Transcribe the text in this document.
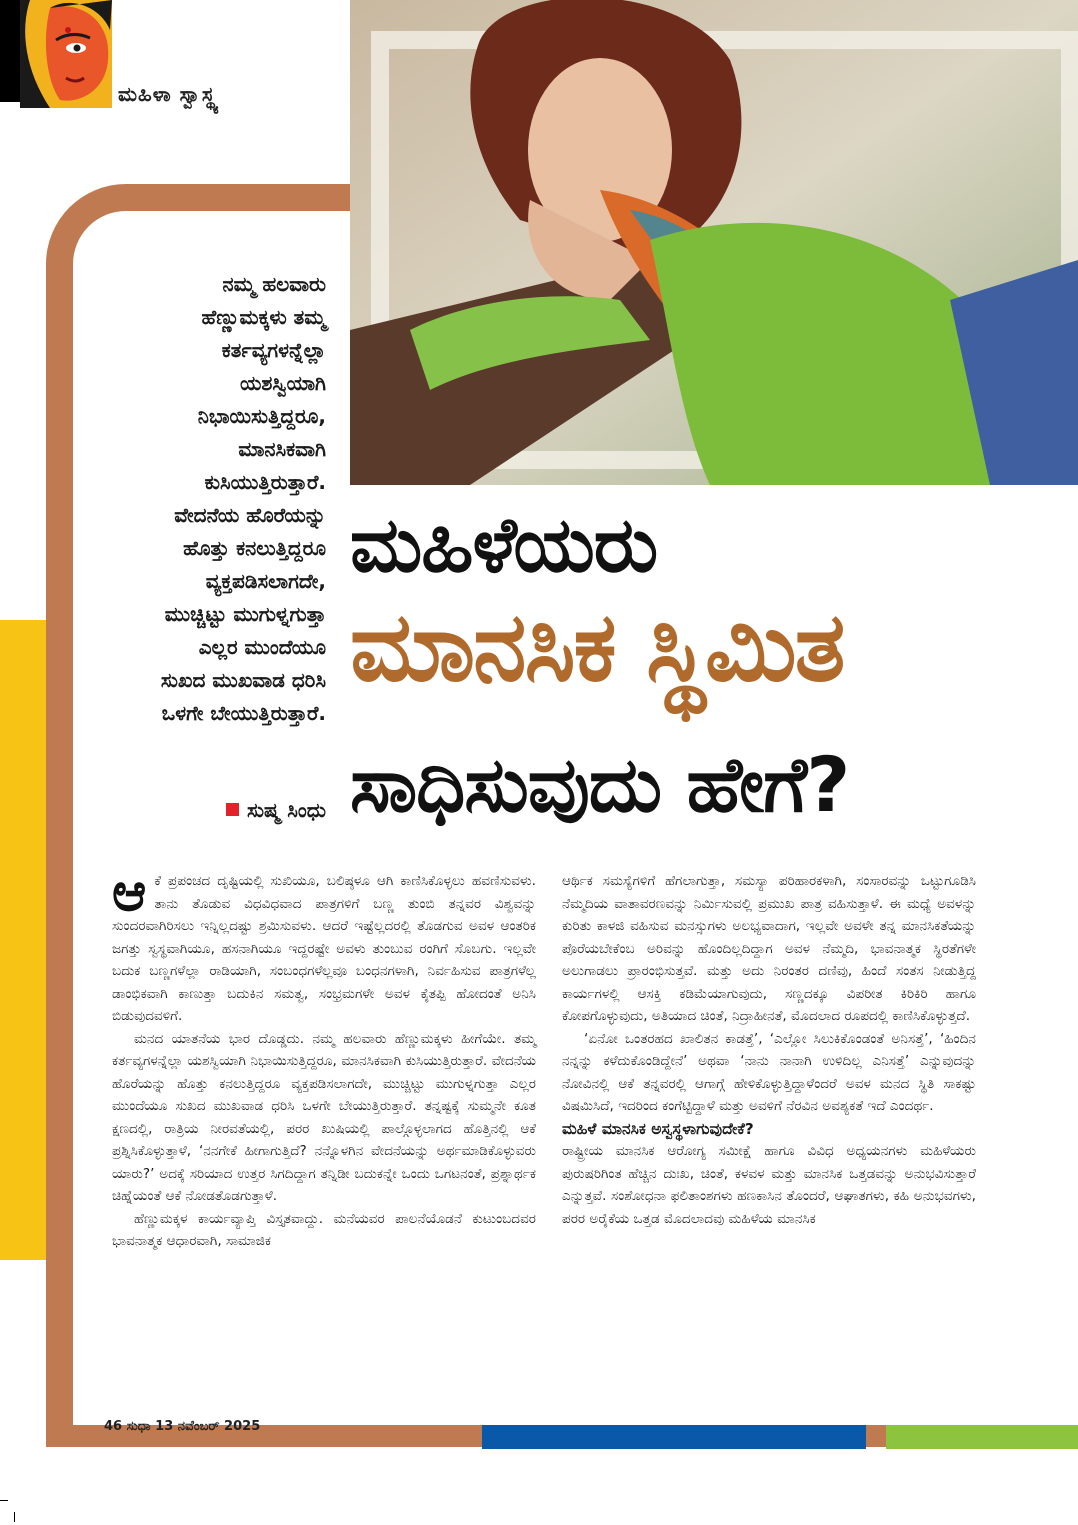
ಮಹಿಳಾ ಸ್ವಾಸ್ಥ್ಯ
ನಮ್ಮ ಹಲವಾರು
ಹೆಣ್ಣುಮಕ್ಕಳು ತಮ್ಮ
ಕರ್ತವ್ಯಗಳನ್ನೆಲ್ಲಾ
ಯಶಸ್ವಿಯಾಗಿ
ನಿಭಾಯಿಸುತ್ತಿದ್ದರೂ,
ಮಾನಸಿಕವಾಗಿ
ಕುಸಿಯುತ್ತಿರುತ್ತಾರೆ.
ವೇದನೆಯ ಹೊರೆಯನ್ನು
ಹೊತ್ತು ಕನಲುತ್ತಿದ್ದರೂ
ವ್ಯಕ್ತಪಡಿಸಲಾಗದೇ,
ಮುಚ್ಚಿಟ್ಟು ಮುಗುಳ್ನಗುತ್ತಾ
ಎಲ್ಲರ ಮುಂದೆಯೂ
ಸುಖದ ಮುಖವಾಡ ಧರಿಸಿ
ಒಳಗೇ ಬೇಯುತ್ತಿರುತ್ತಾರೆ.
ಸುಷ್ಮ ಸಿಂಧು
ಮಹಿಳೆಯರು
ಮಾನಸಿಕ ಸ್ಥಿಮಿತ
ಸಾಧಿಸುವುದು ಹೇಗೆ?

ಆಕೆ ಪ್ರಪಂಚದ ದೃಷ್ಟಿಯಲ್ಲಿ ಸುಖಿಯೂ, ಬಲಿಷ್ಠಳೂ ಆಗಿ ಕಾಣಿಸಿಕೊಳ್ಳಲು ಹವಣಿಸುವಳು. ತಾನು ತೊಡುವ ವಿಧವಿಧವಾದ ಪಾತ್ರಗಳಿಗೆ ಬಣ್ಣ ತುಂಬಿ ತನ್ನವರ ವಿಶ್ವವನ್ನು ಸುಂದರವಾಗಿರಿಸಲು ಇನ್ನಿಲ್ಲದಷ್ಟು ಶ್ರಮಿಸುವಳು. ಆದರೆ ಇಷ್ಟೆಲ್ಲದರಲ್ಲಿ ತೊಡಗುವ ಅವಳ ಆಂತರಿಕ ಜಗತ್ತು ಸ್ವಸ್ಥವಾಗಿಯೂ, ಹಸನಾಗಿಯೂ ಇದ್ದರಷ್ಟೇ ಅವಳು ತುಂಬುವ ರಂಗಿಗೆ ಸೊಬಗು. ಇಲ್ಲವೇ ಬದುಕ ಬಣ್ಣಗಳೆಲ್ಲಾ ರಾಡಿಯಾಗಿ, ಸಂಬಂಧಗಳೆಲ್ಲವೂ ಬಂಧನಗಳಾಗಿ, ನಿರ್ವಹಿಸುವ ಪಾತ್ರಗಳೆಲ್ಲ ಡಾಂಭಿಕವಾಗಿ ಕಾಣುತ್ತಾ ಬದುಕಿನ ಸಮತ್ವ, ಸಂಭ್ರಮಗಳೇ ಅವಳ ಕೈತಪ್ಪಿ ಹೋದಂತೆ ಅನಿಸಿ ಬಿಡುವುದವಳಿಗೆ.

ಮನದ ಯಾತನೆಯ ಭಾರ ದೊಡ್ಡದು. ನಮ್ಮ ಹಲವಾರು ಹೆಣ್ಣುಮಕ್ಕಳು ಹೀಗೆಯೇ. ತಮ್ಮ ಕರ್ತವ್ಯಗಳನ್ನೆಲ್ಲಾ ಯಶಸ್ವಿಯಾಗಿ ನಿಭಾಯಿಸುತ್ತಿದ್ದರೂ, ಮಾನಸಿಕವಾಗಿ ಕುಸಿಯುತ್ತಿರುತ್ತಾರೆ. ವೇದನೆಯ ಹೊರೆಯನ್ನು ಹೊತ್ತು ಕನಲುತ್ತಿದ್ದರೂ ವ್ಯಕ್ತಪಡಿಸಲಾಗದೇ, ಮುಚ್ಚಿಟ್ಟು ಮುಗುಳ್ನಗುತ್ತಾ ಎಲ್ಲರ ಮುಂದೆಯೂ ಸುಖದ ಮುಖವಾಡ ಧರಿಸಿ ಒಳಗೇ ಬೇಯುತ್ತಿರುತ್ತಾರೆ. ತನ್ನಷ್ಟಕ್ಕೆ ಸುಮ್ಮನೇ ಕೂತ ಕ್ಷಣದಲ್ಲಿ, ರಾತ್ರಿಯ ನೀರವತೆಯಲ್ಲಿ, ಪರರ ಖುಷಿಯಲ್ಲಿ ಪಾಲ್ಗೊಳ್ಳಲಾಗದ ಹೊತ್ತಿನಲ್ಲಿ ಆಕೆ ಪ್ರಶ್ನಿಸಿಕೊಳ್ಳುತ್ತಾಳೆ, ‘ನನಗೇಕೆ ಹೀಗಾಗುತ್ತಿದೆ? ನನ್ನೊಳಗಿನ ವೇದನೆಯನ್ನು ಅರ್ಥಮಾಡಿಕೊಳ್ಳುವರು ಯಾರು?’ ಅದಕ್ಕೆ ಸರಿಯಾದ ಉತ್ತರ ಸಿಗದಿದ್ದಾಗ ತನ್ನಿಡೀ ಬದುಕನ್ನೇ ಒಂದು ಒಗಟನಂತೆ, ಪ್ರಶ್ನಾರ್ಥಕ ಚಿಹ್ನೆಯಂತೆ ಆಕೆ ನೋಡತೊಡಗುತ್ತಾಳೆ.

ಹೆಣ್ಣುಮಕ್ಕಳ ಕಾರ್ಯವ್ಯಾಪ್ತಿ ವಿಸ್ತೃತವಾದ್ದು. ಮನೆಯವರ ಪಾಲನೆಯೊಡನೆ ಕುಟುಂಬದವರ ಭಾವನಾತ್ಮಕ ಆಧಾರವಾಗಿ, ಸಾಮಾಜಿಕ

ಆರ್ಥಿಕ ಸಮಸ್ಯೆಗಳಿಗೆ ಹೆಗಲಾಗುತ್ತಾ, ಸಮಸ್ಯಾ ಪರಿಹಾರಕಳಾಗಿ, ಸಂಸಾರವನ್ನು ಒಟ್ಟುಗೂಡಿಸಿ ನೆಮ್ಮದಿಯ ವಾತಾವರಣವನ್ನು ನಿರ್ಮಿಸುವಲ್ಲಿ ಪ್ರಮುಖ ಪಾತ್ರ ವಹಿಸುತ್ತಾಳೆ. ಈ ಮಧ್ಯೆ ಅವಳನ್ನು ಕುರಿತು ಕಾಳಜಿ ವಹಿಸುವ ಮನಸ್ಸುಗಳು ಅಲಭ್ಯವಾದಾಗ, ಇಲ್ಲವೇ ಅವಳೇ ತನ್ನ ಮಾನಸಿಕತೆಯನ್ನು ಪೊರೆಯಬೇಕೆಂಬ ಅರಿವನ್ನು ಹೊಂದಿಲ್ಲದಿದ್ದಾಗ ಅವಳ ನೆಮ್ಮದಿ, ಭಾವನಾತ್ಮಕ ಸ್ಥಿರತೆಗಳೇ ಅಲುಗಾಡಲು ಪ್ರಾರಂಭಿಸುತ್ತವೆ. ಮತ್ತು ಅದು ನಿರಂತರ ದಣಿವು, ಹಿಂದೆ ಸಂತಸ ನೀಡುತ್ತಿದ್ದ ಕಾರ್ಯಗಳಲ್ಲಿ ಆಸಕ್ತಿ ಕಡಿಮೆಯಾಗುವುದು, ಸಣ್ಣದಕ್ಕೂ ವಿಪರೀತ ಕಿರಿಕಿರಿ ಹಾಗೂ ಕೋಪಗೊಳ್ಳುವುದು, ಅತಿಯಾದ ಚಿಂತೆ, ನಿದ್ರಾಹೀನತೆ, ಮೊದಲಾದ ರೂಪದಲ್ಲಿ ಕಾಣಿಸಿಕೊಳ್ಳುತ್ತದೆ.

‘ಏನೋ ಒಂತರಹದ ಖಾಲಿತನ ಕಾಡತ್ತೆ’, ‘ಎಲ್ಲೋ ಸಿಲುಕಿಕೊಂಡಂತೆ ಅನಿಸತ್ತೆ’, ‘ಹಿಂದಿನ ನನ್ನನ್ನು ಕಳೆದುಕೊಂಡಿದ್ದೇನೆ’ ಅಥವಾ ‘ನಾನು ನಾನಾಗಿ ಉಳಿದಿಲ್ಲ ಎನಿಸತ್ತೆ’ ಎನ್ನುವುದನ್ನು ನೋವಿನಲ್ಲಿ ಆಕೆ ತನ್ನವರಲ್ಲಿ ಆಗಾಗ್ಗೆ ಹೇಳಿಕೊಳ್ಳುತ್ತಿದ್ದಾಳೆಂದರೆ ಅವಳ ಮನದ ಸ್ಥಿತಿ ಸಾಕಷ್ಟು ವಿಷಮಿಸಿದೆ, ಇದರಿಂದ ಕಂಗೆಟ್ಟಿದ್ದಾಳೆ ಮತ್ತು ಅವಳಿಗೆ ನೆರವಿನ ಅವಶ್ಯಕತೆ ಇದೆ ಎಂದರ್ಥ.

ಮಹಿಳೆ ಮಾನಸಿಕ ಅಸ್ವಸ್ಥಳಾಗುವುದೇಕೆ?

ರಾಷ್ಟ್ರೀಯ ಮಾನಸಿಕ ಆರೋಗ್ಯ ಸಮೀಕ್ಷೆ ಹಾಗೂ ವಿವಿಧ ಅಧ್ಯಯನಗಳು ಮಹಿಳೆಯರು ಪುರುಷರಿಗಿಂತ ಹೆಚ್ಚಿನ ದುಃಖ, ಚಿಂತೆ, ಕಳವಳ ಮತ್ತು ಮಾನಸಿಕ ಒತ್ತಡವನ್ನು ಅನುಭವಿಸುತ್ತಾರೆ ಎನ್ನುತ್ತವೆ. ಸಂಶೋಧನಾ ಫಲಿತಾಂಶಗಳು ಹಣಕಾಸಿನ ತೊಂದರೆ, ಆಘಾತಗಳು, ಕಹಿ ಅನುಭವಗಳು, ಪರರ ಅರೈಕೆಯ ಒತ್ತಡ ಮೊದಲಾದವು ಮಹಿಳೆಯ ಮಾನಸಿಕ

46 ಸುಧಾ 13 ನವೆಂಬರ್ 2025
